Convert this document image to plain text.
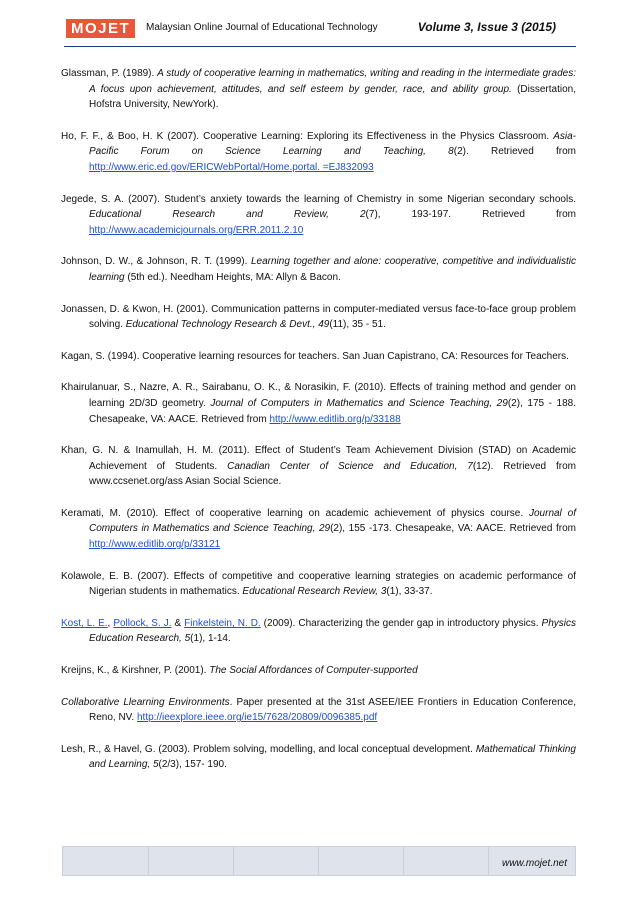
MOJET	Malaysian Online Journal of Educational Technology	Volume 3, Issue 3 (2015)

Glassman, P. (1989). A study of cooperative learning in mathematics, writing and reading in the intermediate grades: A focus upon achievement, attitudes, and self esteem by gender, race, and ability group. (Dissertation, Hofstra University, NewYork).

Ho, F. F., & Boo, H. K (2007). Cooperative Learning: Exploring its Effectiveness in the Physics Classroom. Asia-Pacific Forum on Science Learning and Teaching, 8(2). Retrieved from http://www.eric.ed.gov/ERICWebPortal/Home.portal. =EJ832093

Jegede, S. A. (2007). Student’s anxiety towards the learning of Chemistry in some Nigerian secondary schools. Educational Research and Review, 2(7), 193-197. Retrieved from http://www.academicjournals.org/ERR.2011.2.10

Johnson, D. W., & Johnson, R. T. (1999). Learning together and alone: cooperative, competitive and individualistic learning (5th ed.). Needham Heights, MA: Allyn & Bacon.

Jonassen, D. & Kwon, H. (2001). Communication patterns in computer-mediated versus face-to-face group problem solving. Educational Technology Research & Devt., 49(11), 35 - 51.

Kagan, S. (1994). Cooperative learning resources for teachers. San Juan Capistrano, CA: Resources for Teachers.

Khairulanuar, S., Nazre, A. R., Sairabanu, O. K., & Norasikin, F. (2010). Effects of training method and gender on learning 2D/3D geometry. Journal of Computers in Mathematics and Science Teaching, 29(2), 175 - 188. Chesapeake, VA: AACE. Retrieved from http://www.editlib.org/p/33188

Khan, G. N. & Inamullah, H. M. (2011). Effect of Student’s Team Achievement Division (STAD) on Academic Achievement of Students. Canadian Center of Science and Education, 7(12). Retrieved from www.ccsenet.org/ass Asian Social Science.

Keramati, M. (2010). Effect of cooperative learning on academic achievement of physics course. Journal of Computers in Mathematics and Science Teaching, 29(2), 155 -173. Chesapeake, VA: AACE. Retrieved from http://www.editlib.org/p/33121

Kolawole, E. B. (2007). Effects of competitive and cooperative learning strategies on academic performance of Nigerian students in mathematics. Educational Research Review, 3(1), 33-37.

Kost, L. E., Pollock, S. J. & Finkelstein, N. D. (2009). Characterizing the gender gap in introductory physics. Physics Education Research, 5(1), 1-14.

Kreijns, K., & Kirshner, P. (2001). The Social Affordances of Computer-supported

Collaborative Llearning Environments. Paper presented at the 31st ASEE/IEE Frontiers in Education Conference, Reno, NV. http://ieexplore.ieee.org/ie15/7628/20809/0096385.pdf

Lesh, R., & Havel, G. (2003). Problem solving, modelling, and local conceptual development. Mathematical Thinking and Learning, 5(2/3), 157- 190.

www.mojet.net
